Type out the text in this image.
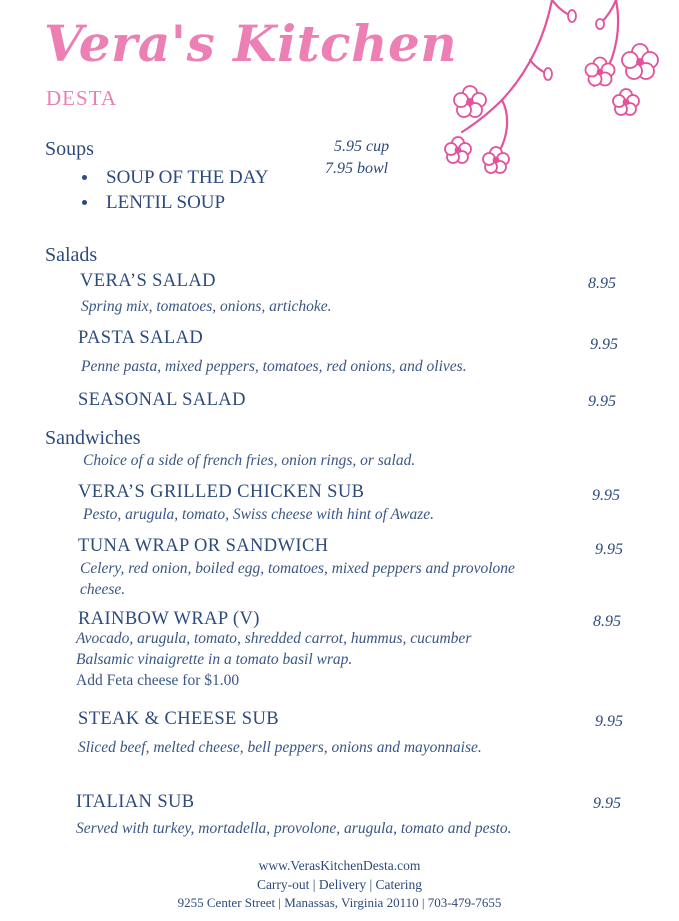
Vera's Kitchen
DESTA
Soups	5.95 cup
7.95 bowl
SOUP OF THE DAY
LENTIL SOUP
Salads
VERA’S SALAD
Spring mix, tomatoes, onions, artichoke.
8.95
PASTA SALAD
Penne pasta, mixed peppers, tomatoes, red onions, and olives.
9.95
SEASONAL SALAD	9.95
Sandwiches
Choice of a side of french fries, onion rings, or salad.
VERA’S GRILLED CHICKEN SUB
Pesto, arugula, tomato, Swiss cheese with hint of Awaze.
9.95
TUNA WRAP OR SANDWICH
Celery, red onion, boiled egg, tomatoes, mixed peppers and provolone cheese.
9.95
RAINBOW WRAP (V)
Avocado, arugula, tomato, shredded carrot, hummus, cucumber Balsamic vinaigrette in a tomato basil wrap.
Add Feta cheese for $1.00
8.95
STEAK & CHEESE SUB
Sliced beef, melted cheese, bell peppers, onions and mayonnaise.
9.95
ITALIAN SUB
Served with turkey, mortadella, provolone, arugula, tomato and pesto.
9.95
www.VerasKitchenDesta.com
Carry-out | Delivery | Catering
9255 Center Street | Manassas, Virginia 20110 | 703-479-7655
